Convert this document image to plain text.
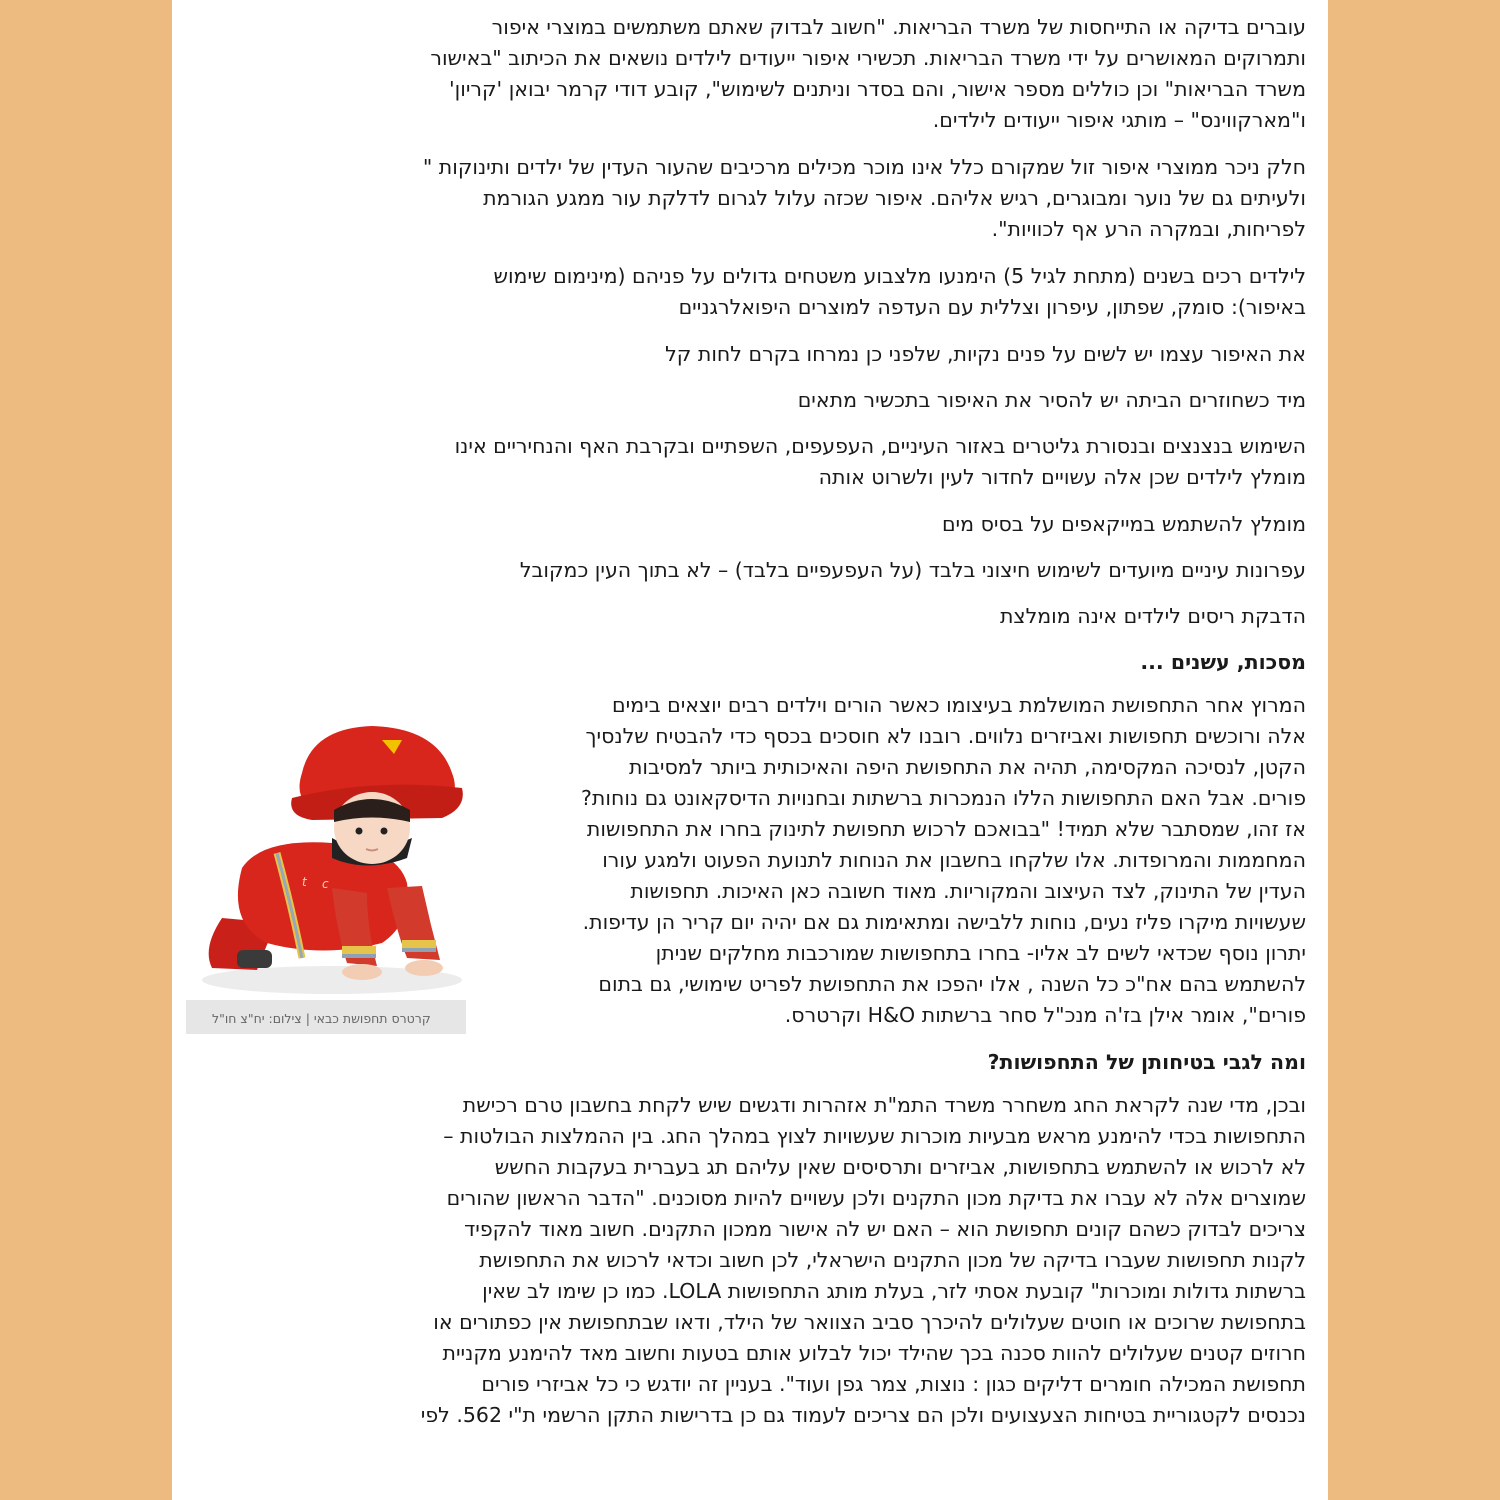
t c
קרטרס תחפושת כבאי | צילום: יח"צ חו"ל

עוברים בדיקה או התייחסות של משרד הבריאות. "חשוב לבדוק שאתם משתמשים במוצרי איפור
ותמרוקים המאושרים על ידי משרד הבריאות. תכשירי איפור ייעודים לילדים נושאים את הכיתוב "באישור
משרד הבריאות" וכן כוללים מספר אישור, והם בסדר וניתנים לשימוש", קובע דודי קרמר יבואן 'קריון'
ו"מארקווינס" – מותגי איפור ייעודים לילדים.

חלק ניכר ממוצרי איפור זול שמקורם כלל אינו מוכר מכילים מרכיבים שהעור העדין של ילדים ותינוקות "
ולעיתים גם של נוער ומבוגרים, רגיש אליהם. איפור שכזה עלול לגרום לדלקת עור ממגע הגורמת
לפריחות, ובמקרה הרע אף לכוויות".

לילדים רכים בשנים (מתחת לגיל 5) הימנעו מלצבוע משטחים גדולים על פניהם (מינימום שימוש
באיפור): סומק, שפתון, עיפרון וצללית עם העדפה למוצרים היפואלרגניים

את האיפור עצמו יש לשים על פנים נקיות, שלפני כן נמרחו בקרם לחות קל

מיד כשחוזרים הביתה יש להסיר את האיפור בתכשיר מתאים

השימוש בנצנצים ובנסורת גליטרים באזור העיניים, העפעפים, השפתיים ובקרבת האף והנחיריים אינו
מומלץ לילדים שכן אלה עשויים לחדור לעין ולשרוט אותה

מומלץ להשתמש במייקאפים על בסיס מים

עפרונות עיניים מיועדים לשימוש חיצוני בלבד (על העפעפיים בלבד) – לא בתוך העין כמקובל

הדבקת ריסים לילדים אינה מומלצת

מסכות, עשנים ...

המרוץ אחר התחפושת המושלמת בעיצומו כאשר הורים וילדים רבים יוצאים בימים
אלה ורוכשים תחפושות ואביזרים נלווים. רובנו לא חוסכים בכסף כדי להבטיח שלנסיך
הקטן, לנסיכה המקסימה, תהיה את התחפושת היפה והאיכותית ביותר למסיבות
פורים. אבל האם התחפושות הללו הנמכרות ברשתות ובחנויות הדיסקאונט גם נוחות?
אז זהו, שמסתבר שלא תמיד! "בבואכם לרכוש תחפושת לתינוק בחרו את התחפושות
המחממות והמרופדות. אלו שלקחו בחשבון את הנוחות לתנועת הפעוט ולמגע עורו
העדין של התינוק, לצד העיצוב והמקוריות. מאוד חשובה כאן האיכות. תחפושות
שעשויות מיקרו פליז נעים, נוחות ללבישה ומתאימות גם אם יהיה יום קריר הן עדיפות.
יתרון נוסף שכדאי לשים לב אליו- בחרו בתחפושות שמורכבות מחלקים שניתן
להשתמש בהם אח"כ כל השנה , אלו יהפכו את התחפושת לפריט שימושי, גם בתום
פורים", אומר אילן בז'ה מנכ"ל סחר ברשתות H&O וקרטרס.

ומה לגבי בטיחותן של התחפושות?

ובכן, מדי שנה לקראת החג משחרר משרד התמ"ת אזהרות ודגשים שיש לקחת בחשבון טרם רכישת
התחפושות בכדי להימנע מראש מבעיות מוכרות שעשויות לצוץ במהלך החג. בין ההמלצות הבולטות –
לא לרכוש או להשתמש בתחפושות, אביזרים ותרסיסים שאין עליהם תג בעברית בעקבות החשש
שמוצרים אלה לא עברו את בדיקת מכון התקנים ולכן עשויים להיות מסוכנים. "הדבר הראשון שהורים
צריכים לבדוק כשהם קונים תחפושת הוא – האם יש לה אישור ממכון התקנים. חשוב מאוד להקפיד
לקנות תחפושות שעברו בדיקה של מכון התקנים הישראלי, לכן חשוב וכדאי לרכוש את התחפושת
ברשתות גדולות ומוכרות" קובעת אסתי לזר, בעלת מותג התחפושות LOLA. כמו כן שימו לב שאין
בתחפושת שרוכים או חוטים שעלולים להיכרך סביב הצוואר של הילד, ודאו שבתחפושת אין כפתורים או
חרוזים קטנים שעלולים להוות סכנה בכך שהילד יכול לבלוע אותם בטעות וחשוב מאד להימנע מקניית
תחפושת המכילה חומרים דליקים כגון : נוצות, צמר גפן ועוד". בעניין זה יודגש כי כל אביזרי פורים
נכנסים לקטגוריית בטיחות הצעצועים ולכן הם צריכים לעמוד גם כן בדרישות התקן הרשמי ת"י 562. לפי
